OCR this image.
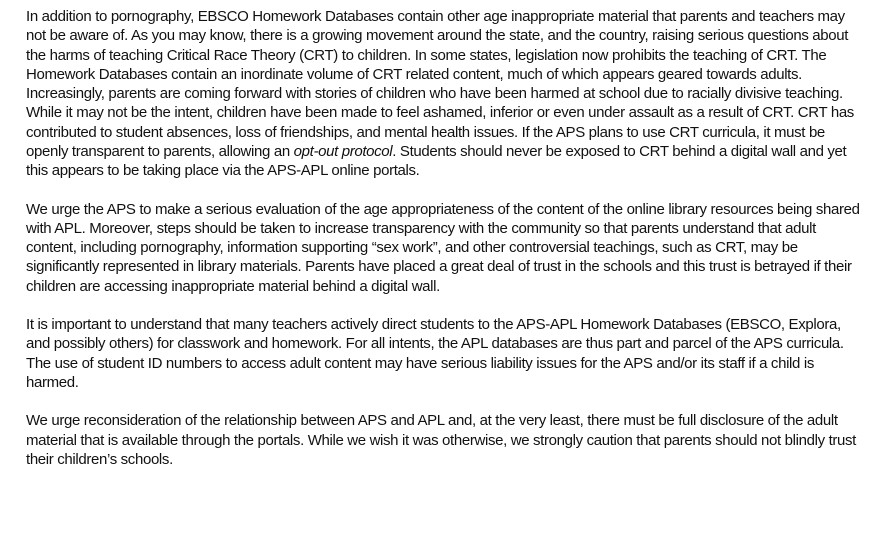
In addition to pornography, EBSCO Homework Databases contain other age inappropriate material that parents and teachers may not be aware of. As you may know, there is a growing movement around the state, and the country, raising serious questions about the harms of teaching Critical Race Theory (CRT) to children. In some states, legislation now prohibits the teaching of CRT. The Homework Databases contain an inordinate volume of CRT related content, much of which appears geared towards adults. Increasingly, parents are coming forward with stories of children who have been harmed at school due to racially divisive teaching. While it may not be the intent, children have been made to feel ashamed, inferior or even under assault as a result of CRT. CRT has contributed to student absences, loss of friendships, and mental health issues. If the APS plans to use CRT curricula, it must be openly transparent to parents, allowing an opt-out protocol. Students should never be exposed to CRT behind a digital wall and yet this appears to be taking place via the APS-APL online portals.

We urge the APS to make a serious evaluation of the age appropriateness of the content of the online library resources being shared with APL. Moreover, steps should be taken to increase transparency with the community so that parents understand that adult content, including pornography, information supporting “sex work”, and other controversial teachings, such as CRT, may be significantly represented in library materials. Parents have placed a great deal of trust in the schools and this trust is betrayed if their children are accessing inappropriate material behind a digital wall.

It is important to understand that many teachers actively direct students to the APS-APL Homework Databases (EBSCO, Explora, and possibly others) for classwork and homework. For all intents, the APL databases are thus part and parcel of the APS curricula. The use of student ID numbers to access adult content may have serious liability issues for the APS and/or its staff if a child is harmed.

We urge reconsideration of the relationship between APS and APL and, at the very least, there must be full disclosure of the adult material that is available through the portals. While we wish it was otherwise, we strongly caution that parents should not blindly trust their children’s schools.
